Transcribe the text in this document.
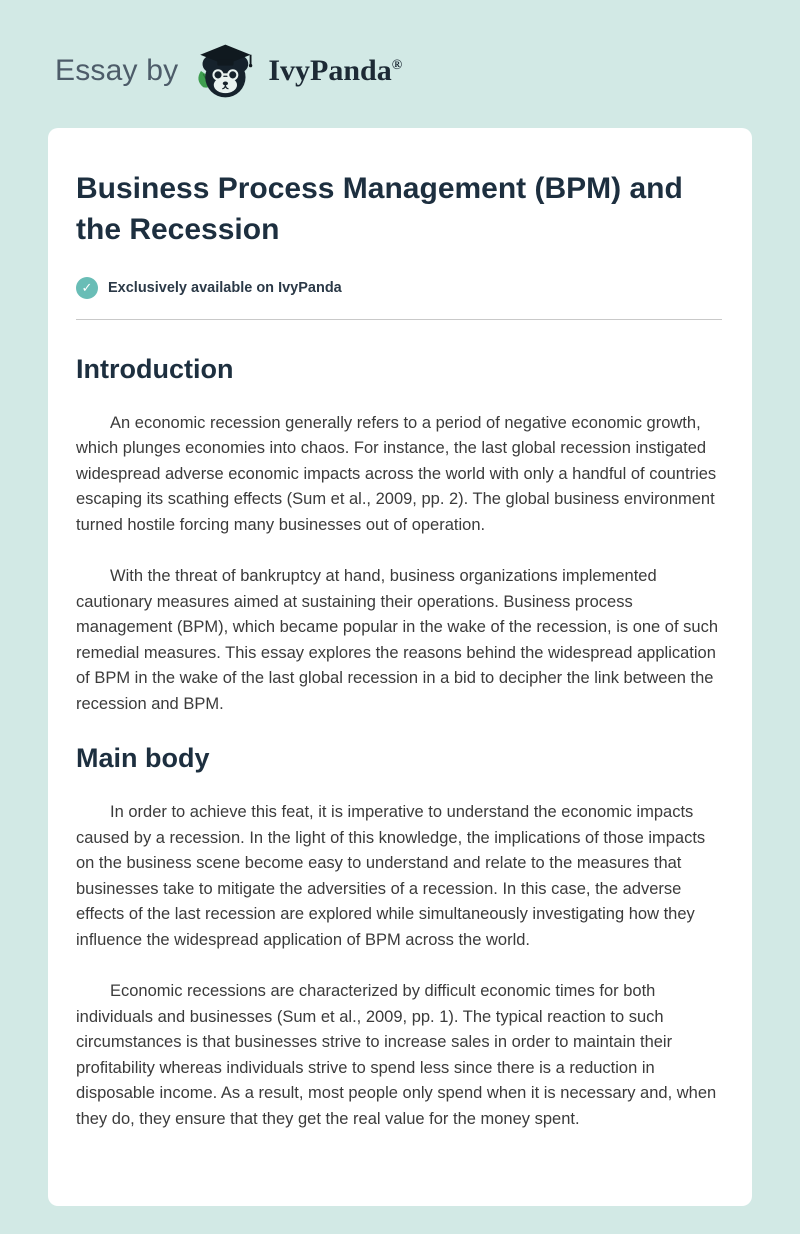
Essay by	IvyPanda®
Business Process Management (BPM) and the Recession
✓	Exclusively available on IvyPanda
Introduction

An economic recession generally refers to a period of negative economic growth, which plunges economies into chaos. For instance, the last global recession instigated widespread adverse economic impacts across the world with only a handful of countries escaping its scathing effects (Sum et al., 2009, pp. 2). The global business environment turned hostile forcing many businesses out of operation.

With the threat of bankruptcy at hand, business organizations implemented cautionary measures aimed at sustaining their operations. Business process management (BPM), which became popular in the wake of the recession, is one of such remedial measures. This essay explores the reasons behind the widespread application of BPM in the wake of the last global recession in a bid to decipher the link between the recession and BPM.

Main body

In order to achieve this feat, it is imperative to understand the economic impacts caused by a recession. In the light of this knowledge, the implications of those impacts on the business scene become easy to understand and relate to the measures that businesses take to mitigate the adversities of a recession. In this case, the adverse effects of the last recession are explored while simultaneously investigating how they influence the widespread application of BPM across the world.

Economic recessions are characterized by difficult economic times for both individuals and businesses (Sum et al., 2009, pp. 1). The typical reaction to such circumstances is that businesses strive to increase sales in order to maintain their profitability whereas individuals strive to spend less since there is a reduction in disposable income. As a result, most people only spend when it is necessary and, when they do, they ensure that they get the real value for the money spent.
